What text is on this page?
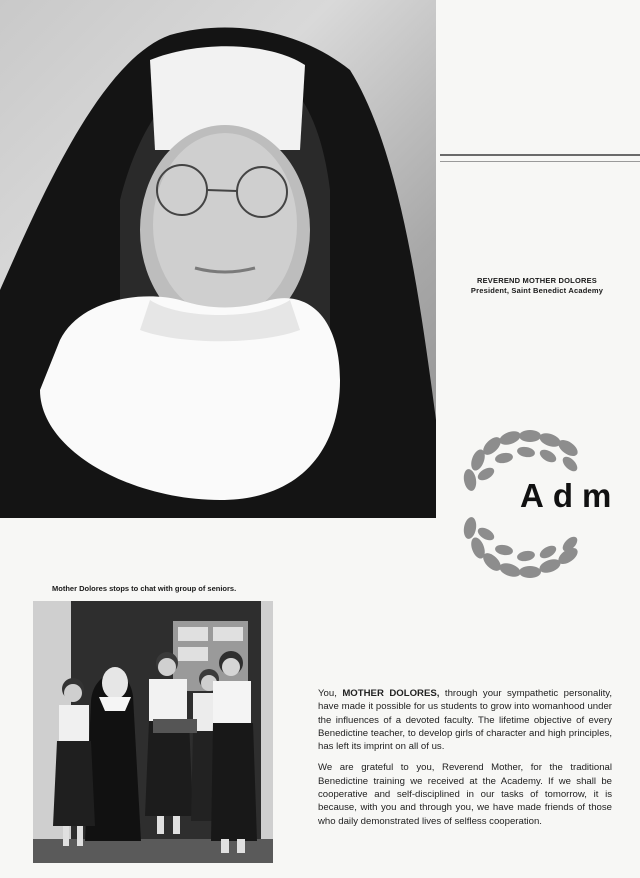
REVEREND MOTHER DOLORES
President, Saint Benedict Academy
Adm
Mother Dolores stops to chat with group of seniors.

You, MOTHER DOLORES, through your sympathetic personality, have made it possible for us students to grow into womanhood under the influences of a devoted faculty. The lifetime objective of every Benedictine teacher, to develop girls of character and high principles, has left its imprint on all of us.

We are grateful to you, Reverend Mother, for the traditional Benedictine training we received at the Academy. If we shall be cooperative and self-disciplined in our tasks of tomorrow, it is because, with you and through you, we have made friends of those who daily demonstrated lives of selfless cooperation.
